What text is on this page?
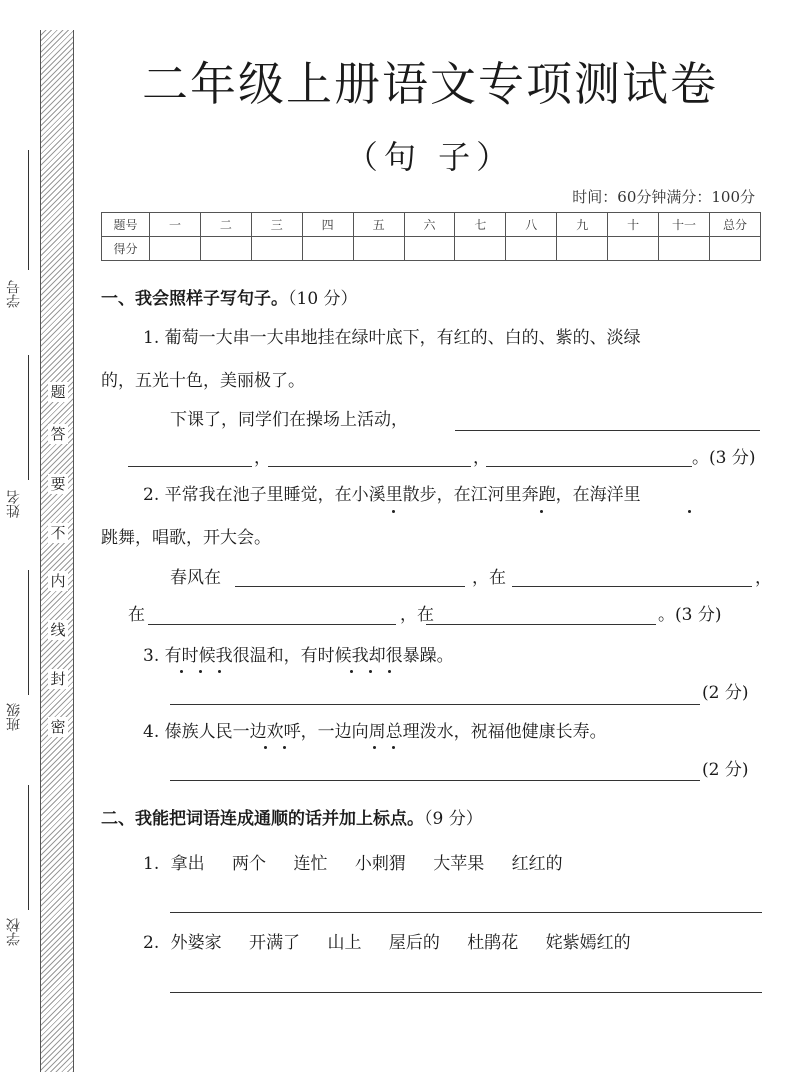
题
答
要
不
内
线
封
密
学号
姓名
班级
学校
二年级上册语文专项测试卷
（句 子）
时间：60分钟满分：100分
题号	一	二	三	四	五	六	七	八	九	十	十一	总分
得分												
一、我会照样子写句子。（10 分）
1. 葡萄一大串一大串地挂在绿叶底下，有红的、白的、紫的、淡绿
的，五光十色，美丽极了。
下课了，同学们在操场上活动，
，	，	。(3 分)
2. 平常我在池子里睡觉，在小溪里散步，在江河里奔跑，在海洋里
跳舞，唱歌，开大会。
春风在	，在	，
在	，在	。(3 分)
3. 有时候我很温和，有时候我却很暴躁。
(2 分)
4. 傣族人民一边欢呼，一边向周总理泼水，祝福他健康长寿。
(2 分)
二、我能把词语连成通顺的话并加上标点。（9 分）
1. 拿出 两个 连忙 小刺猬 大苹果 红红的
2. 外婆家 开满了 山上 屋后的 杜鹃花 姹紫嫣红的
